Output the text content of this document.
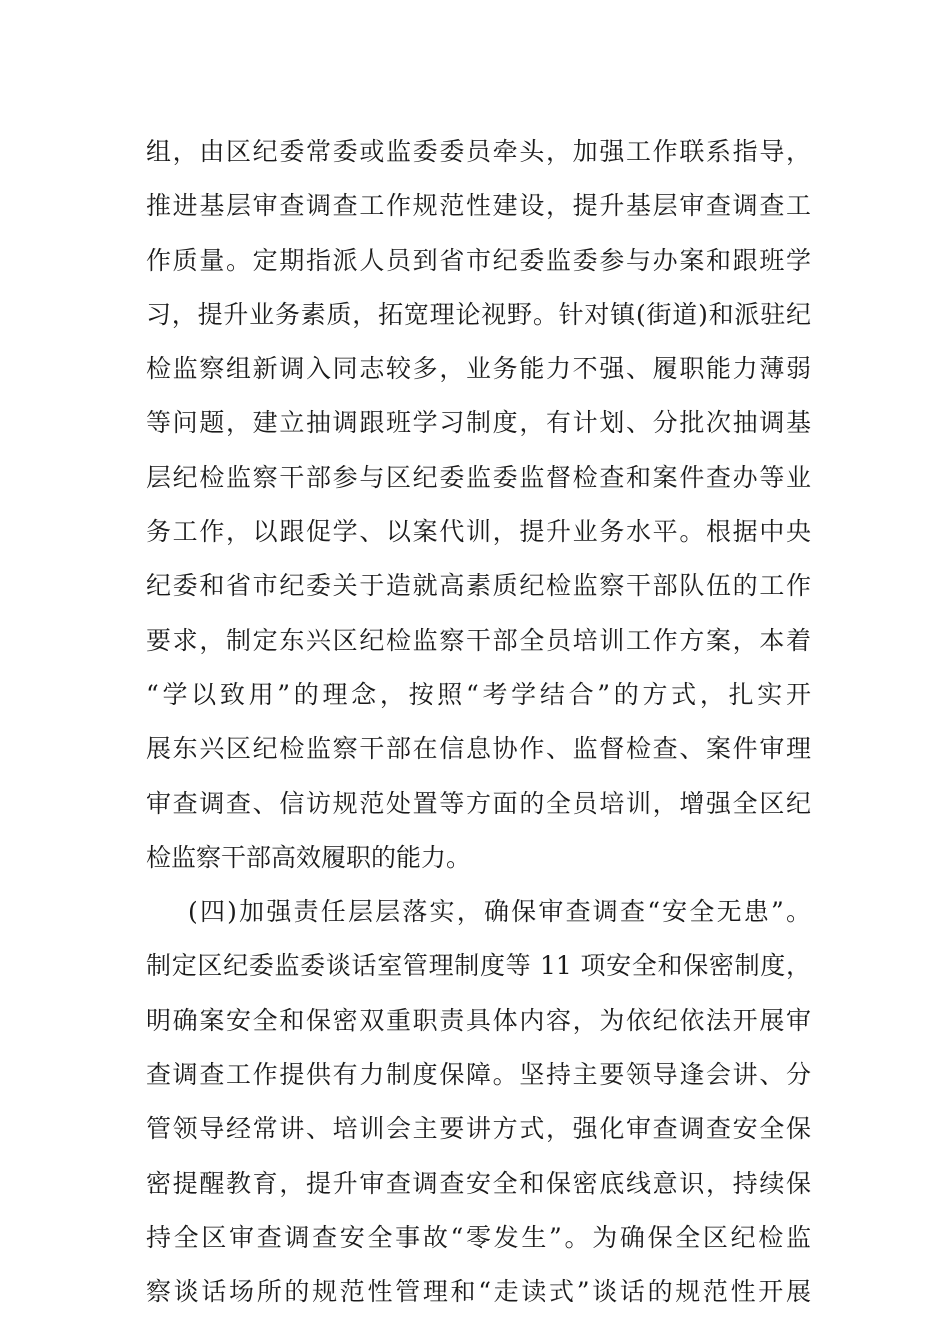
组，由区纪委常委或监委委员牵头，加强工作联系指导，
推进基层审查调查工作规范性建设，提升基层审查调查工
作质量。定期指派人员到省市纪委监委参与办案和跟班学
习，提升业务素质，拓宽理论视野。针对镇(街道)和派驻纪
检监察组新调入同志较多，业务能力不强、履职能力薄弱
等问题，建立抽调跟班学习制度，有计划、分批次抽调基
层纪检监察干部参与区纪委监委监督检查和案件查办等业
务工作，以跟促学、以案代训，提升业务水平。根据中央
纪委和省市纪委关于造就高素质纪检监察干部队伍的工作
要求，制定东兴区纪检监察干部全员培训工作方案，本着
“学以致用”的理念，按照“考学结合”的方式，扎实开
展东兴区纪检监察干部在信息协作、监督检查、案件审理
审查调查、信访规范处置等方面的全员培训，增强全区纪
检监察干部高效履职的能力。
(四)加强责任层层落实，确保审查调查“安全无患”。
制定区纪委监委谈话室管理制度等 11 项安全和保密制度，
明确案安全和保密双重职责具体内容，为依纪依法开展审
查调查工作提供有力制度保障。坚持主要领导逢会讲、分
管领导经常讲、培训会主要讲方式，强化审查调查安全保
密提醒教育，提升审查调查安全和保密底线意识，持续保
持全区审查调查安全事故“零发生”。为确保全区纪检监
察谈话场所的规范性管理和“走读式”谈话的规范性开展
